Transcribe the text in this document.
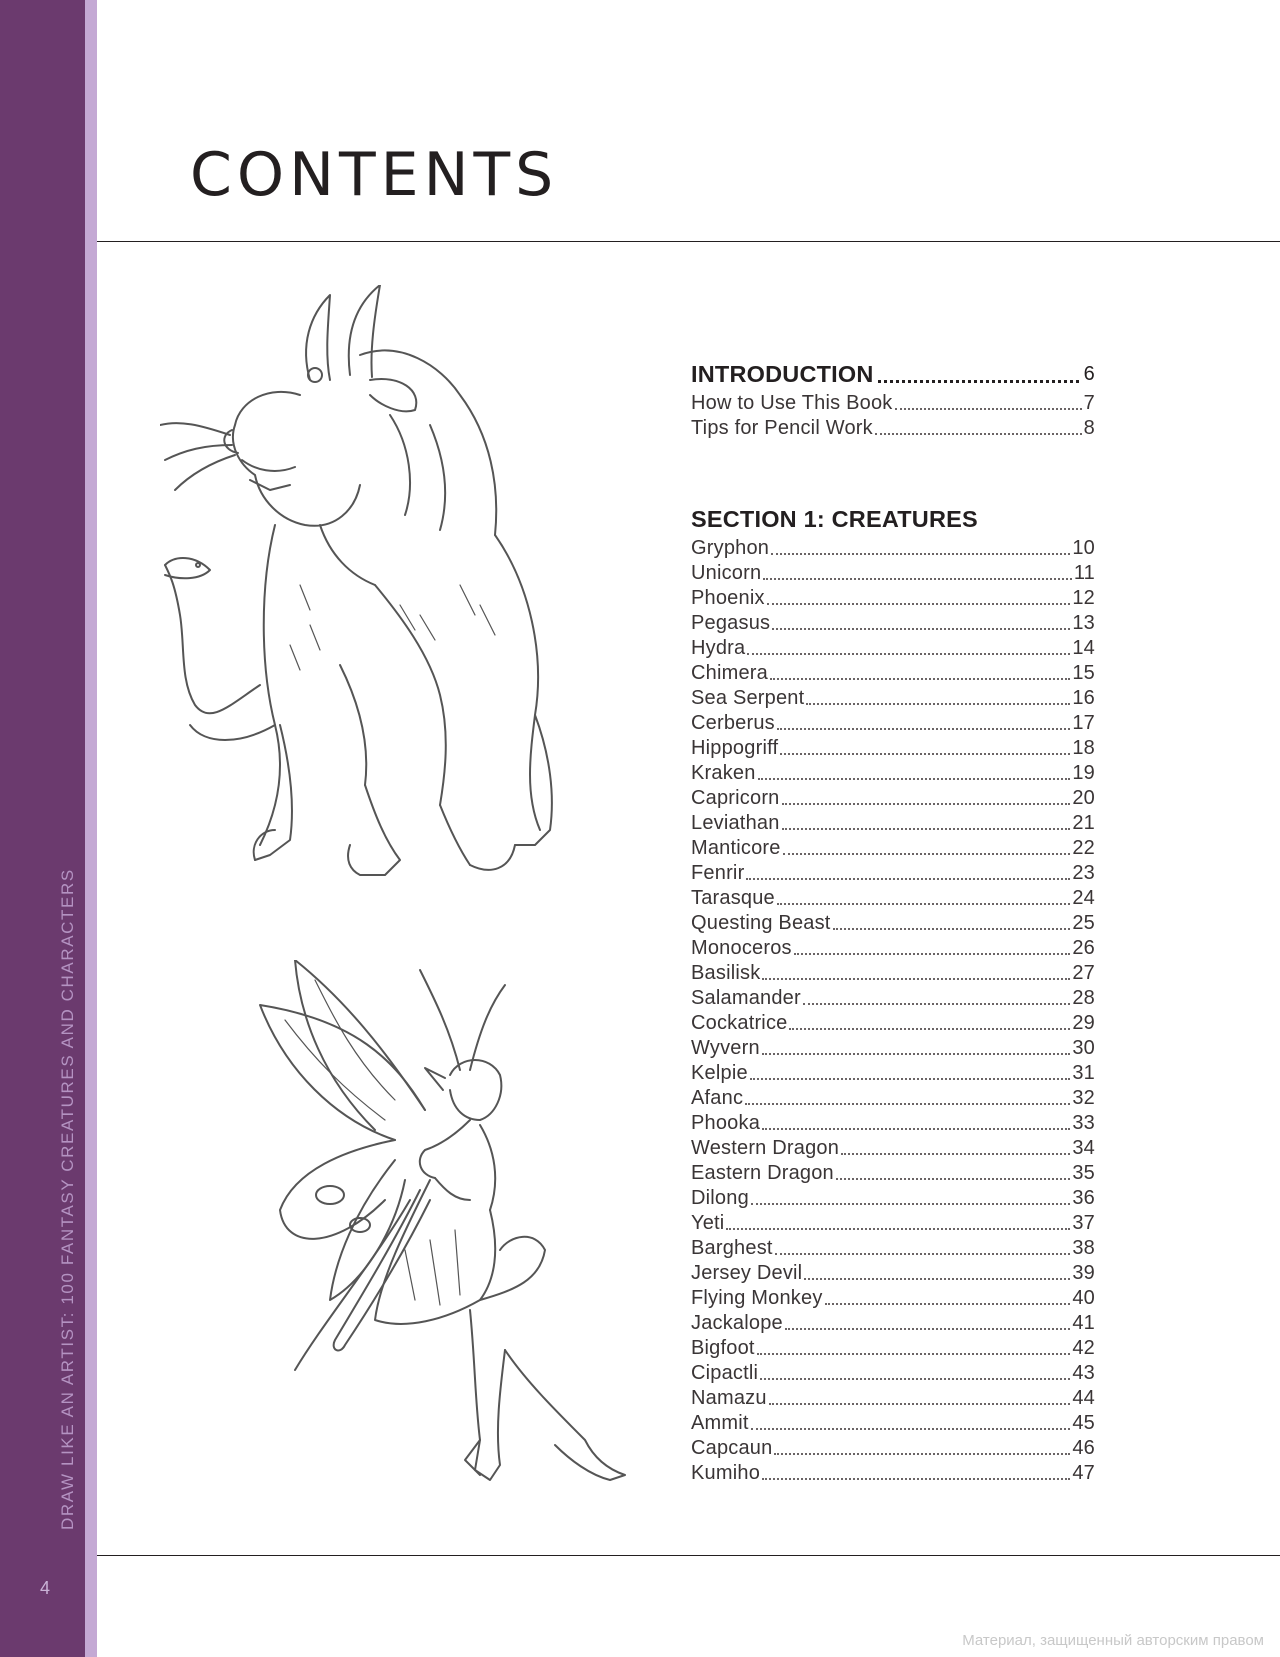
DRAW LIKE AN ARTIST: 100 FANTASY CREATURES AND CHARACTERS
4
CONTENTS
INTRODUCTION	6
How to Use This Book	7
Tips for Pencil Work	8
SECTION 1: CREATURES
Gryphon	10
Unicorn	11
Phoenix	12
Pegasus	13
Hydra	14
Chimera	15
Sea Serpent	16
Cerberus	17
Hippogriff	18
Kraken	19
Capricorn	20
Leviathan	21
Manticore	22
Fenrir	23
Tarasque	24
Questing Beast	25
Monoceros	26
Basilisk	27
Salamander	28
Cockatrice	29
Wyvern	30
Kelpie	31
Afanc	32
Phooka	33
Western Dragon	34
Eastern Dragon	35
Dilong	36
Yeti	37
Barghest	38
Jersey Devil	39
Flying Monkey	40
Jackalope	41
Bigfoot	42
Cipactli	43
Namazu	44
Ammit	45
Capcaun	46
Kumiho	47
Материал, защищенный авторским правом
